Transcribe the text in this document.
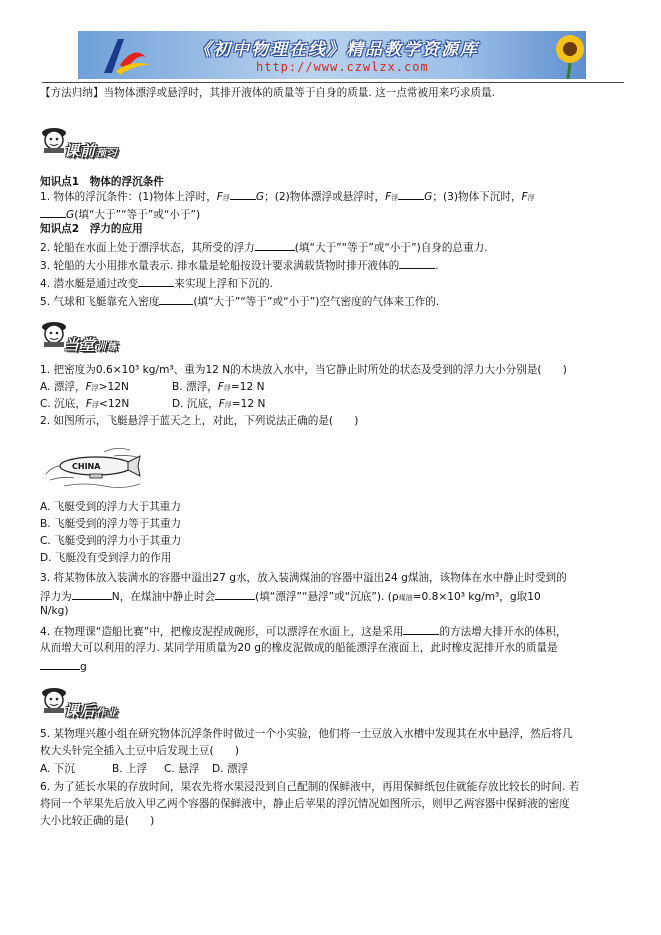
《初中物理在线》精品教学资源库
http://www.czwlzx.com
【方法归纳】当物体漂浮或悬浮时，其排开液体的质量等于自身的质量. 这一点常被用来巧求质量.
课前预习
知识点1　物体的浮沉条件
1. 物体的浮沉条件：(1)物体上浮时，F浮 G；(2)物体漂浮或悬浮时，F浮 G；(3)物体下沉时，F浮
G(填“大于”“等于”或“小于”)
知识点2　浮力的应用
2. 轮船在水面上处于漂浮状态，其所受的浮力	(填“大于”“等于”或“小于”)自身的总重力.
3. 轮船的大小用排水量表示. 排水量是轮船按设计要求满载货物时排开液体的	.
4. 潜水艇是通过改变	来实现上浮和下沉的.
5. 气球和飞艇靠充入密度	(填“大于”“等于”或“小于”)空气密度的气体来工作的.
当堂训练
1. 把密度为0.6×10³ kg/m³、重为12 N的木块放入水中，当它静止时所处的状态及受到的浮力大小分别是(　　)
A. 漂浮，F浮>12N	B. 漂浮，F浮=12 N
C. 沉底，F浮<12N	D. 沉底，F浮=12 N
2. 如图所示，飞艇悬浮于蓝天之上，对此，下列说法正确的是(　　)
CHINA
A. 飞艇受到的浮力大于其重力
B. 飞艇受到的浮力等于其重力
C. 飞艇受到的浮力小于其重力
D. 飞艇没有受到浮力的作用
3. 将某物体放入装满水的容器中溢出27 g水，放入装满煤油的容器中溢出24 g煤油，该物体在水中静止时受到的
浮力为	N，在煤油中静止时会	(填“漂浮”“悬浮”或“沉底”). (ρ煤油=0.8×10³ kg/m³，g取10
N/kg)
4. 在物理课“造船比赛”中，把橡皮泥捏成碗形，可以漂浮在水面上，这是采用	的方法增大排开水的体积，
从而增大可以利用的浮力. 某同学用质量为20 g的橡皮泥做成的船能漂浮在液面上，此时橡皮泥排开水的质量是
g
课后作业
5. 某物理兴趣小组在研究物体沉浮条件时做过一个小实验，他们将一土豆放入水槽中发现其在水中悬浮，然后将几
枚大头针完全插入土豆中后发现土豆(　　)
A. 下沉	B. 上浮 C. 悬浮 D. 漂浮
6. 为了延长水果的存放时间，果农先将水果浸没到自己配制的保鲜液中，再用保鲜纸包住就能存放比较长的时间. 若
将同一个苹果先后放入甲乙两个容器的保鲜液中，静止后苹果的浮沉情况如图所示，则甲乙两容器中保鲜液的密度
大小比较正确的是(　　)
